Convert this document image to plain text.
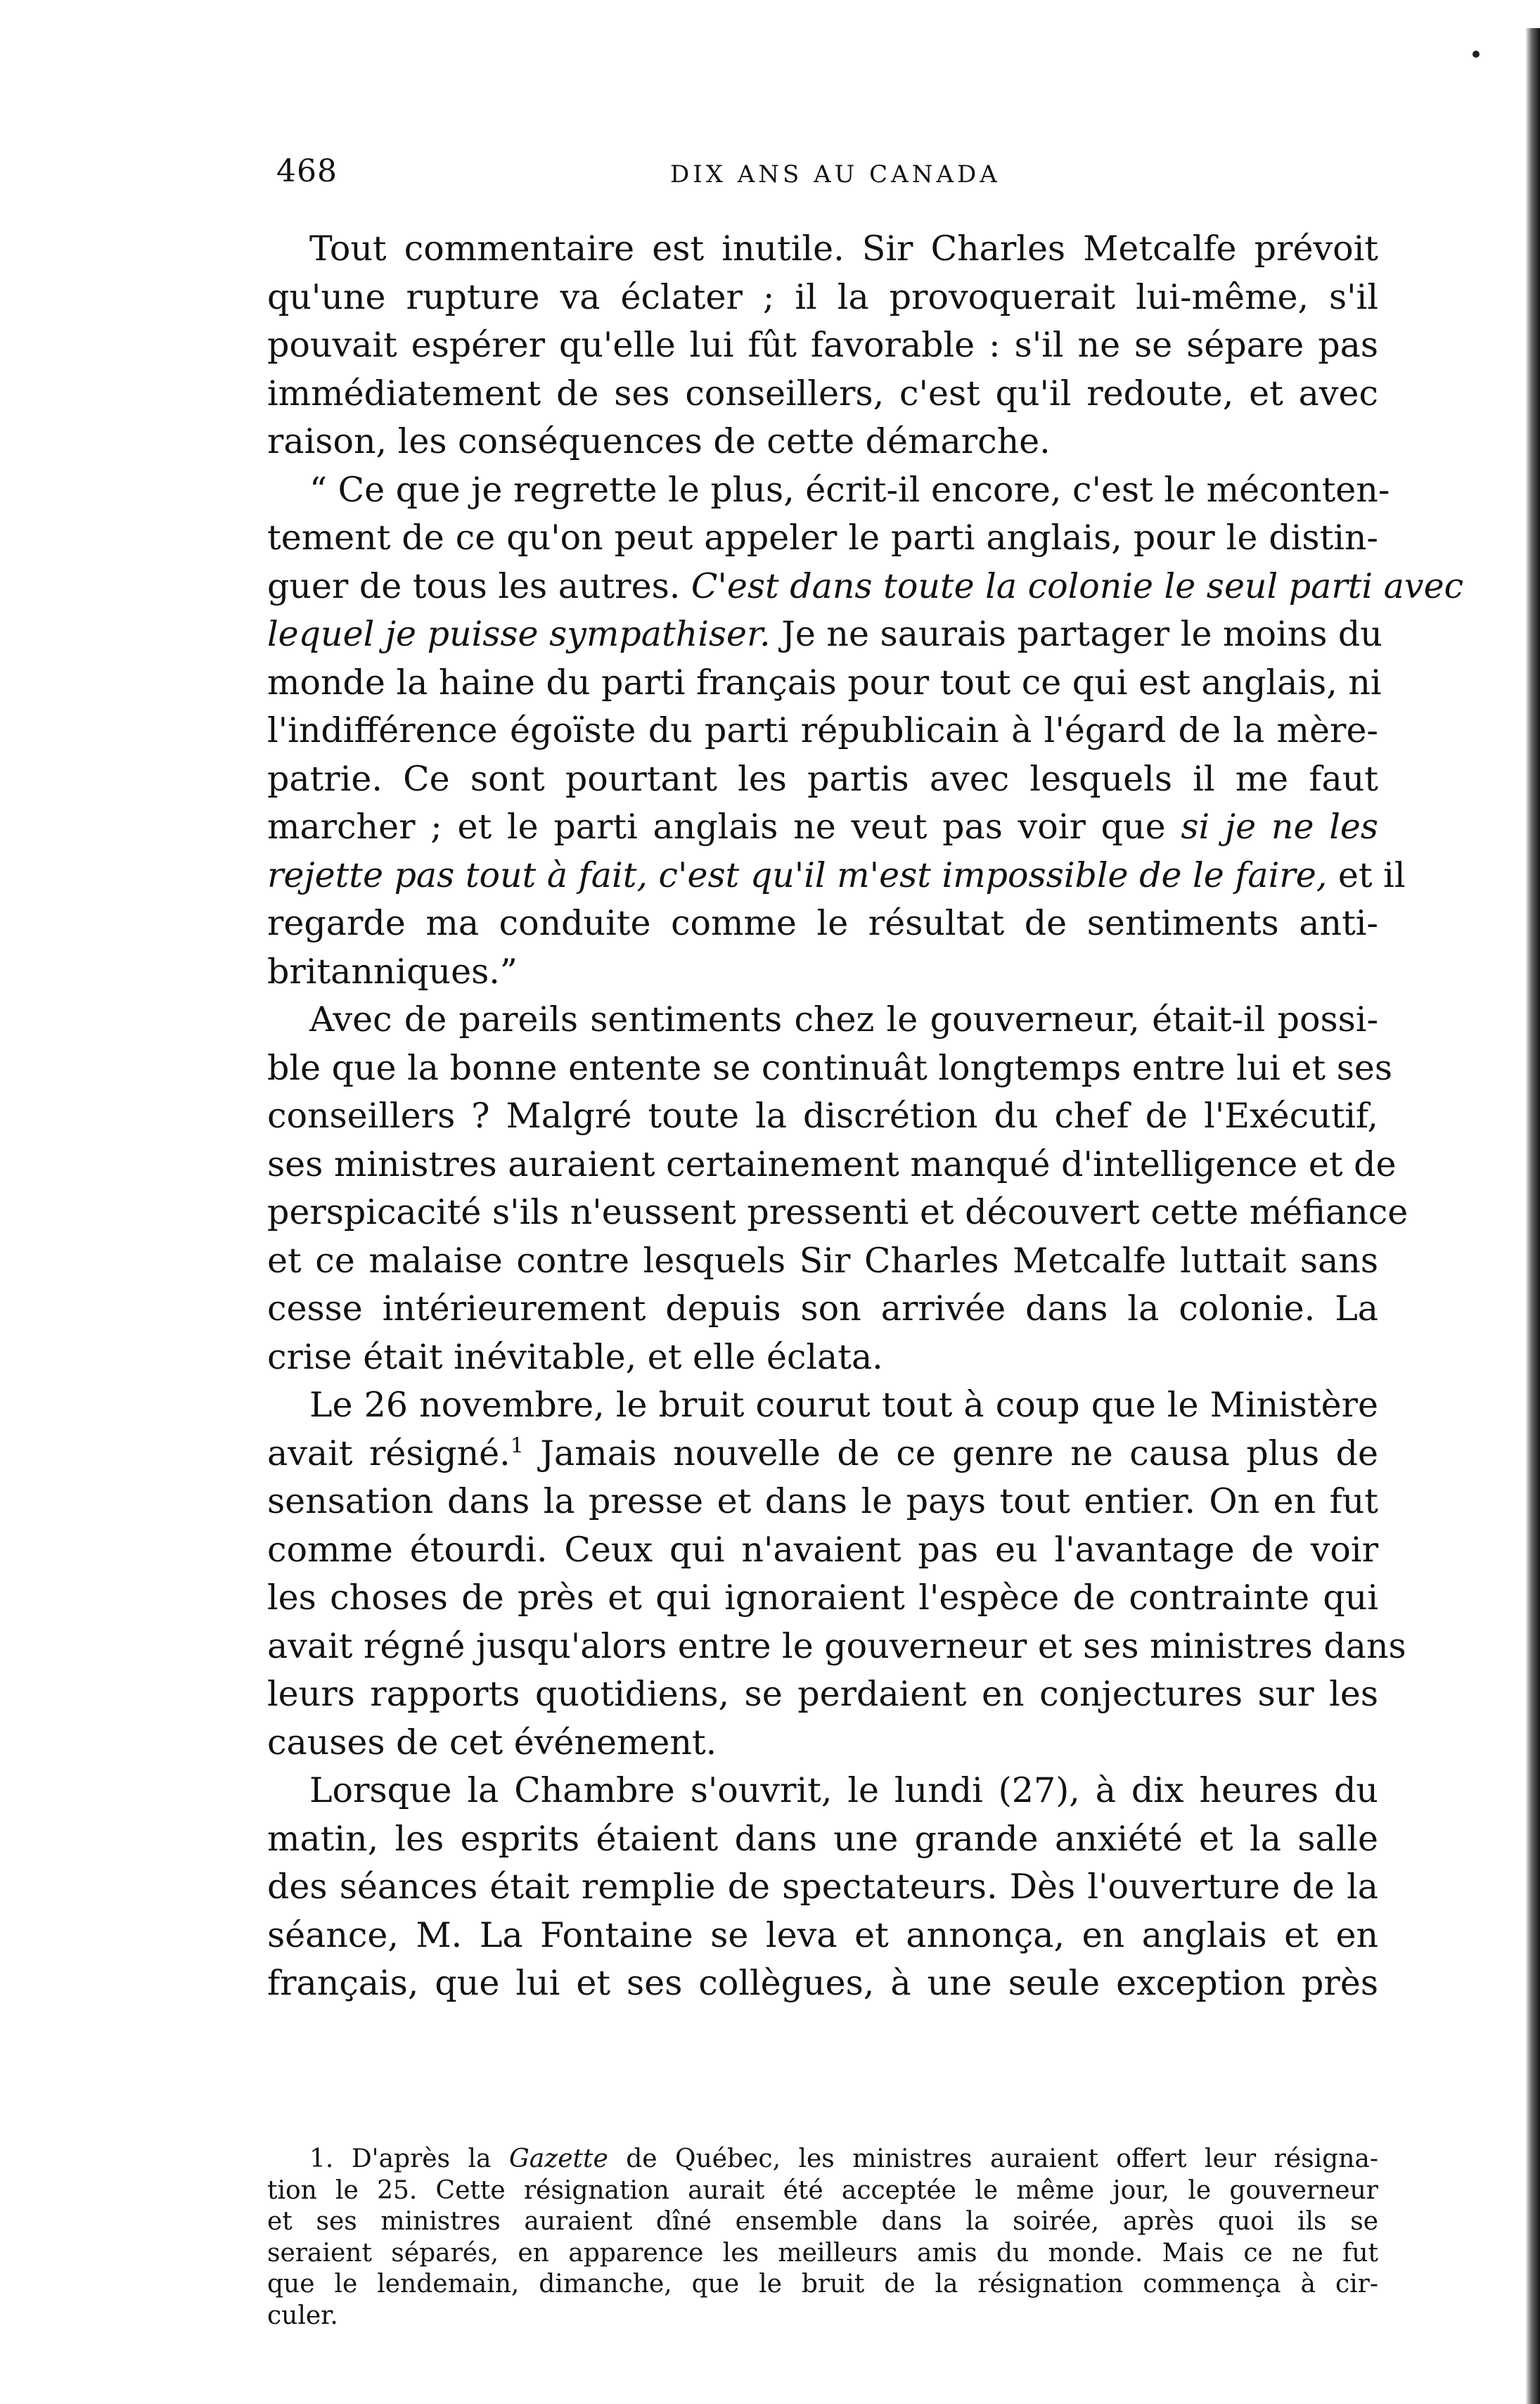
468	DIX ANS AU CANADA
Tout commentaire est inutile. Sir Charles Metcalfe prévoit
qu'une rupture va éclater ; il la provoquerait lui-même, s'il
pouvait espérer qu'elle lui fût favorable : s'il ne se sépare pas
immédiatement de ses conseillers, c'est qu'il redoute, et avec
raison, les conséquences de cette démarche.
“ Ce que je regrette le plus, écrit-il encore, c'est le méconten-
tement de ce qu'on peut appeler le parti anglais, pour le distin-
guer de tous les autres. C'est dans toute la colonie le seul parti avec
lequel je puisse sympathiser. Je ne saurais partager le moins du
monde la haine du parti français pour tout ce qui est anglais, ni
l'indifférence égoïste du parti républicain à l'égard de la mère-
patrie. Ce sont pourtant les partis avec lesquels il me faut
marcher ; et le parti anglais ne veut pas voir que si je ne les
rejette pas tout à fait, c'est qu'il m'est impossible de le faire, et il
regarde ma conduite comme le résultat de sentiments anti-
britanniques.”
Avec de pareils sentiments chez le gouverneur, était-il possi-
ble que la bonne entente se continuât longtemps entre lui et ses
conseillers ? Malgré toute la discrétion du chef de l'Exécutif,
ses ministres auraient certainement manqué d'intelligence et de
perspicacité s'ils n'eussent pressenti et découvert cette méfiance
et ce malaise contre lesquels Sir Charles Metcalfe luttait sans
cesse intérieurement depuis son arrivée dans la colonie. La
crise était inévitable, et elle éclata.
Le 26 novembre, le bruit courut tout à coup que le Ministère
avait résigné.$^1$ Jamais nouvelle de ce genre ne causa plus de
sensation dans la presse et dans le pays tout entier. On en fut
comme étourdi. Ceux qui n'avaient pas eu l'avantage de voir
les choses de près et qui ignoraient l'espèce de contrainte qui
avait régné jusqu'alors entre le gouverneur et ses ministres dans
leurs rapports quotidiens, se perdaient en conjectures sur les
causes de cet événement.
Lorsque la Chambre s'ouvrit, le lundi (27), à dix heures du
matin, les esprits étaient dans une grande anxiété et la salle
des séances était remplie de spectateurs. Dès l'ouverture de la
séance, M. La Fontaine se leva et annonça, en anglais et en
français, que lui et ses collègues, à une seule exception près
1. D'après la Gazette de Québec, les ministres auraient offert leur résigna-
tion le 25. Cette résignation aurait été acceptée le même jour, le gouverneur
et ses ministres auraient dîné ensemble dans la soirée, après quoi ils se
seraient séparés, en apparence les meilleurs amis du monde. Mais ce ne fut
que le lendemain, dimanche, que le bruit de la résignation commença à cir-
culer.
